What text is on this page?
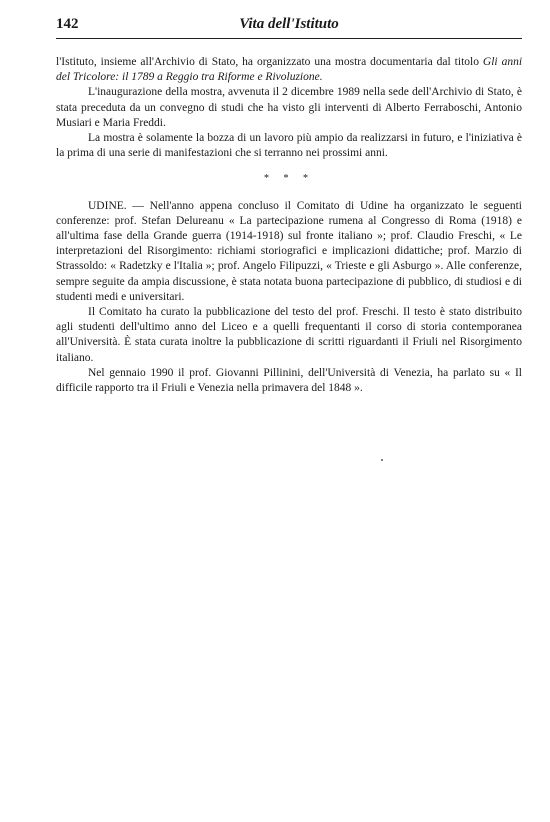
142	Vita dell'Istituto

l'Istituto, insieme all'Archivio di Stato, ha organizzato una mostra documentaria dal titolo Gli anni del Tricolore: il 1789 a Reggio tra Riforme e Rivoluzione.

L'inaugurazione della mostra, avvenuta il 2 dicembre 1989 nella sede dell'Archivio di Stato, è stata preceduta da un convegno di studi che ha visto gli interventi di Alberto Ferraboschi, Antonio Musiari e Maria Freddi.

La mostra è solamente la bozza di un lavoro più ampio da realizzarsi in futuro, e l'iniziativa è la prima di una serie di manifestazioni che si terranno nei prossimi anni.

* * *

UDINE. — Nell'anno appena concluso il Comitato di Udine ha organizzato le seguenti conferenze: prof. Stefan Delureanu « La partecipazione rumena al Congresso di Roma (1918) e all'ultima fase della Grande guerra (1914-1918) sul fronte italiano »; prof. Claudio Freschi, « Le interpretazioni del Risorgimento: richiami storiografici e implicazioni didattiche; prof. Marzio di Strassoldo: « Radetzky e l'Italia »; prof. Angelo Filipuzzi, « Trieste e gli Asburgo ». Alle conferenze, sempre seguite da ampia discussione, è stata notata buona partecipazione di pubblico, di studiosi e di studenti medi e universitari.

Il Comitato ha curato la pubblicazione del testo del prof. Freschi. Il testo è stato distribuito agli studenti dell'ultimo anno del Liceo e a quelli frequentanti il corso di storia contemporanea all'Università. È stata curata inoltre la pubblicazione di scritti riguardanti il Friuli nel Risorgimento italiano.

Nel gennaio 1990 il prof. Giovanni Pillinini, dell'Università di Venezia, ha parlato su « Il difficile rapporto tra il Friuli e Venezia nella primavera del 1848 ».
